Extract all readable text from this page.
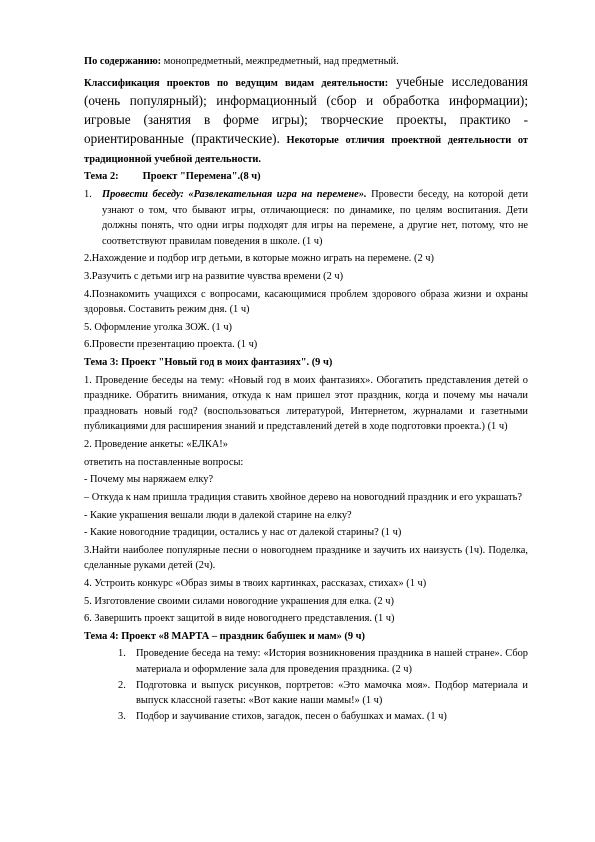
По содержанию: монопредметный, межпредметный, над предметный.

Классификация проектов по ведущим видам деятельности: учебные исследования (очень популярный); информационный (сбор и обработка информации); игровые (занятия в форме игры); творческие проекты, практико - ориентированные (практические). Некоторые отличия проектной деятельности от традиционной учебной деятельности.

Тема 2: Проект "Перемена".(8 ч)

1. Провести беседу: «Развлекательная игра на перемене». Провести беседу, на которой дети узнают о том, что бывают игры, отличающиеся: по динамике, по целям воспитания. Дети должны понять, что одни игры подходят для игры на перемене, а другие нет, потому, что не соответствуют правилам поведения в школе. (1 ч)

2.Нахождение и подбор игр детьми, в которые можно играть на перемене. (2 ч)

3.Разучить с детьми игр на развитие чувства времени (2 ч)

4.Познакомить учащихся с вопросами, касающимися проблем здорового образа жизни и охраны здоровья. Составить режим дня. (1 ч)

5. Оформление уголка ЗОЖ. (1 ч)

6.Провести презентацию проекта. (1 ч)

Тема 3: Проект "Новый год в моих фантазиях". (9 ч)

1. Проведение беседы на тему: «Новый год в моих фантазиях». Обогатить представления детей о празднике. Обратить внимания, откуда к нам пришел этот праздник, когда и почему мы начали праздновать новый год? (воспользоваться литературой, Интернетом, журналами и газетными публикациями для расширения знаний и представлений детей в ходе подготовки проекта.) (1 ч)

2. Проведение анкеты: «ЕЛКА!»

ответить на поставленные вопросы:

- Почему мы наряжаем елку?

– Откуда к нам пришла традиция ставить хвойное дерево на новогодний праздник и его украшать?

- Какие украшения вешали люди в далекой старине на елку?

- Какие новогодние традиции, остались у нас от далекой старины? (1 ч)

3.Найти наиболее популярные песни о новогоднем празднике и заучить их наизусть (1ч). Поделка, сделанные руками детей (2ч).

4. Устроить конкурс «Образ зимы в твоих картинках, рассказах, стихах» (1 ч)

5. Изготовление своими силами новогодние украшения для елка. (2 ч)

6. Завершить проект защитой в виде новогоднего представления. (1 ч)

Тема 4: Проект «8 МАРТА – праздник бабушек и мам» (9 ч)

1. Проведение беседа на тему: «История возникновения праздника в нашей стране». Сбор материала и оформление зала для проведения праздника. (2 ч)
2. Подготовка и выпуск рисунков, портретов: «Это мамочка моя». Подбор материала и выпуск классной газеты: «Вот какие наши мамы!» (1 ч)
3. Подбор и заучивание стихов, загадок, песен о бабушках и мамах. (1 ч)
